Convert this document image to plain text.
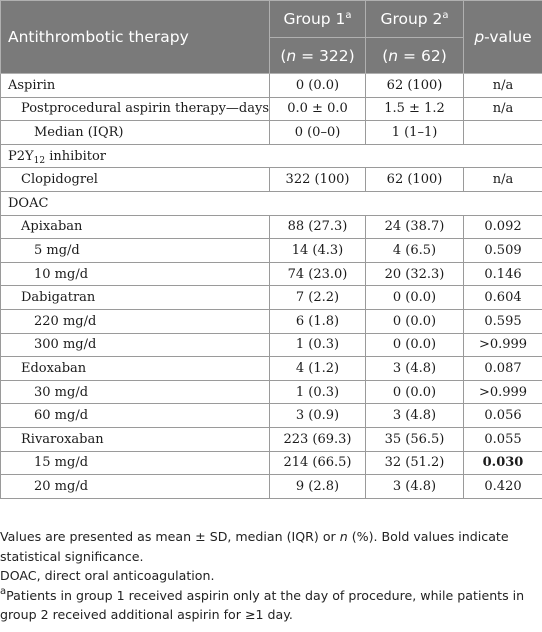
Antithrombotic therapy	Group 1$^a$	Group 2$^a$	p-value
	(n = 322)	(n = 62)	
Aspirin	0 (0.0)	62 (100)	n/a
Postprocedural aspirin therapy—days	0.0 ± 0.0	1.5 ± 1.2	n/a
Median (IQR)	0 (0–0)	1 (1–1)	
$P2Y_{12}$ inhibitor			
Clopidogrel	322 (100)	62 (100)	n/a
DOAC			
Apixaban	88 (27.3)	24 (38.7)	0.092
5 mg/d	14 (4.3)	4 (6.5)	0.509
10 mg/d	74 (23.0)	20 (32.3)	0.146
Dabigatran	7 (2.2)	0 (0.0)	0.604
220 mg/d	6 (1.8)	0 (0.0)	0.595
300 mg/d	1 (0.3)	0 (0.0)	>0.999
Edoxaban	4 (1.2)	3 (4.8)	0.087
30 mg/d	1 (0.3)	0 (0.0)	>0.999
60 mg/d	3 (0.9)	3 (4.8)	0.056
Rivaroxaban	223 (69.3)	35 (56.5)	0.055
15 mg/d	214 (66.5)	32 (51.2)	0.030
20 mg/d	9 (2.8)	3 (4.8)	0.420

Values are presented as mean ± SD, median (IQR) or n (%). Bold values indicate statistical significance.

DOAC, direct oral anticoagulation.

$^a$Patients in group 1 received aspirin only at the day of procedure, while patients in group 2 received additional aspirin for ≥1 day.
